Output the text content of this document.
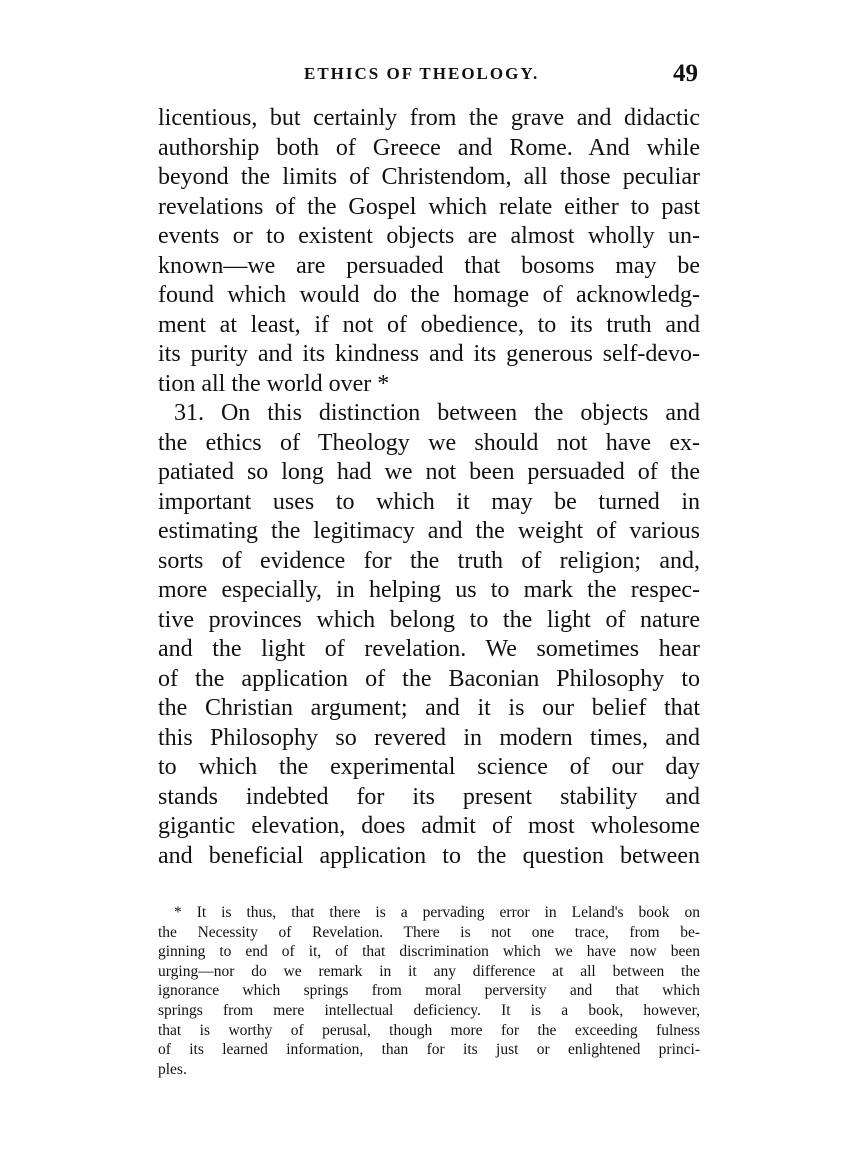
ETHICS OF THEOLOGY.	49
licentious, but certainly from the grave and didactic
authorship both of Greece and Rome. And while
beyond the limits of Christendom, all those peculiar
revelations of the Gospel which relate either to past
events or to existent objects are almost wholly un-
known—we are persuaded that bosoms may be
found which would do the homage of acknowledg-
ment at least, if not of obedience, to its truth and
its purity and its kindness and its generous self-devo-
tion all the world over *
31. On this distinction between the objects and
the ethics of Theology we should not have ex-
patiated so long had we not been persuaded of the
important uses to which it may be turned in
estimating the legitimacy and the weight of various
sorts of evidence for the truth of religion; and,
more especially, in helping us to mark the respec-
tive provinces which belong to the light of nature
and the light of revelation. We sometimes hear
of the application of the Baconian Philosophy to
the Christian argument; and it is our belief that
this Philosophy so revered in modern times, and
to which the experimental science of our day
stands indebted for its present stability and
gigantic elevation, does admit of most wholesome
and beneficial application to the question between
* It is thus, that there is a pervading error in Leland's book on
the Necessity of Revelation. There is not one trace, from be-
ginning to end of it, of that discrimination which we have now been
urging—nor do we remark in it any difference at all between the
ignorance which springs from moral perversity and that which
springs from mere intellectual deficiency. It is a book, however,
that is worthy of perusal, though more for the exceeding fulness
of its learned information, than for its just or enlightened princi-
ples.
